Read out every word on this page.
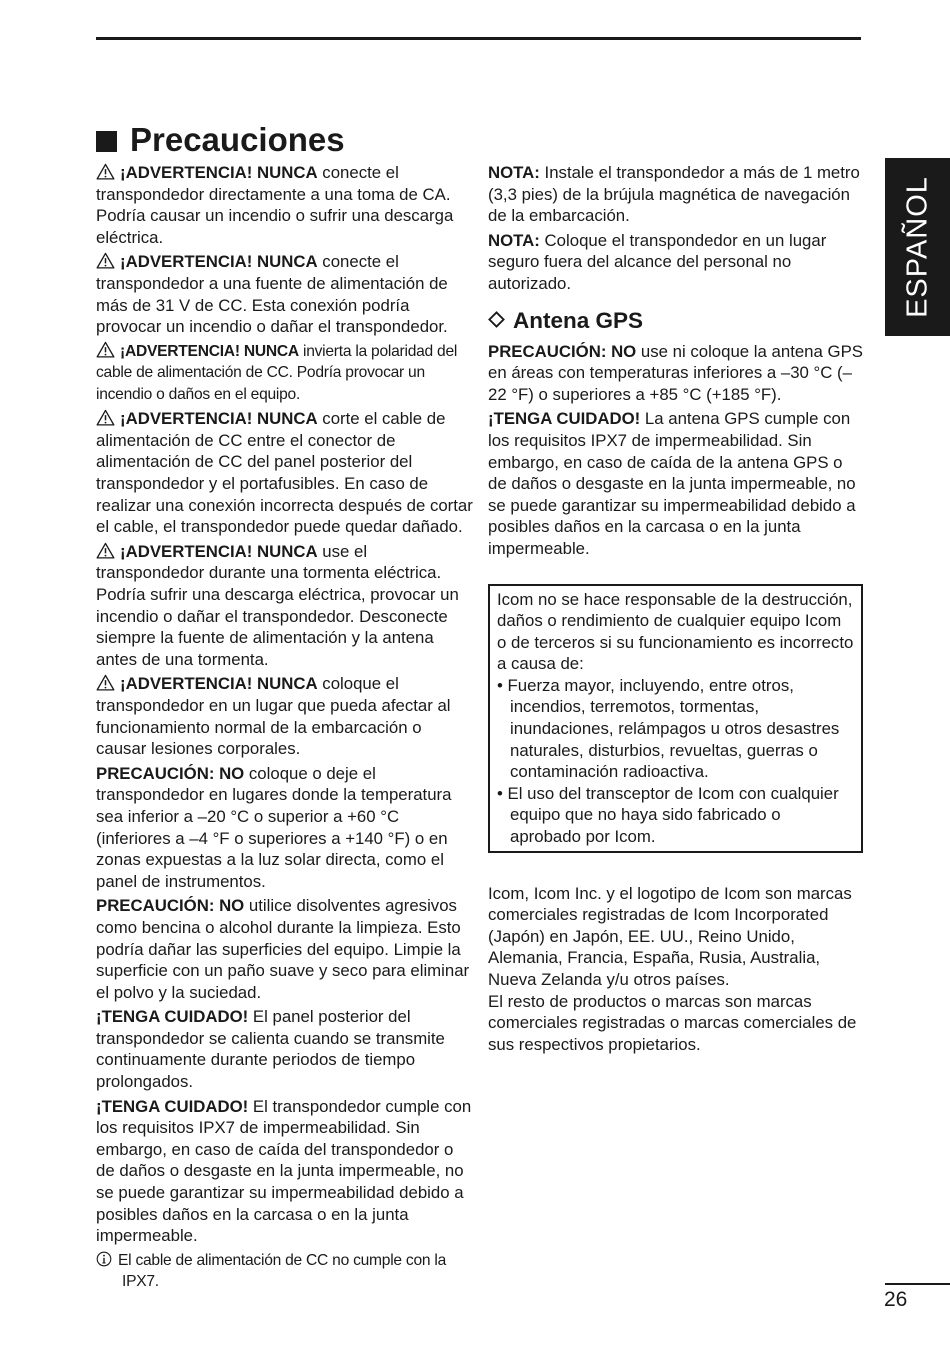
Precauciones

¡ADVERTENCIA! NUNCA conecte el transpondedor directamente a una toma de CA. Podría causar un incendio o sufrir una descarga eléctrica.

¡ADVERTENCIA! NUNCA conecte el transpondedor a una fuente de alimentación de más de 31 V de CC. Esta conexión podría provocar un incendio o dañar el transpondedor.

¡ADVERTENCIA! NUNCA invierta la polaridad del cable de alimentación de CC. Podría provocar un incendio o daños en el equipo.

¡ADVERTENCIA! NUNCA corte el cable de alimentación de CC entre el conector de alimentación de CC del panel posterior del transpondedor y el portafusibles. En caso de realizar una conexión incorrecta después de cortar el cable, el transpondedor puede quedar dañado.

¡ADVERTENCIA! NUNCA use el transpondedor durante una tormenta eléctrica. Podría sufrir una descarga eléctrica, provocar un incendio o dañar el transpondedor. Desconecte siempre la fuente de alimentación y la antena antes de una tormenta.

¡ADVERTENCIA! NUNCA coloque el transpondedor en un lugar que pueda afectar al funcionamiento normal de la embarcación o causar lesiones corporales.

PRECAUCIÓN: NO coloque o deje el transpondedor en lugares donde la temperatura sea inferior a –20 °C o superior a +60 °C (inferiores a –4 °F o superiores a +140 °F) o en zonas expuestas a la luz solar directa, como el panel de instrumentos.

PRECAUCIÓN: NO utilice disolventes agresivos como bencina o alcohol durante la limpieza. Esto podría dañar las superficies del equipo. Limpie la superficie con un paño suave y seco para eliminar el polvo y la suciedad.

¡TENGA CUIDADO! El panel posterior del transpondedor se calienta cuando se transmite continuamente durante periodos de tiempo prolongados.

¡TENGA CUIDADO! El transpondedor cumple con los requisitos IPX7 de impermeabilidad. Sin embargo, en caso de caída del transpondedor o de daños o desgaste en la junta impermeable, no se puede garantizar su impermeabilidad debido a posibles daños en la carcasa o en la junta impermeable.

El cable de alimentación de CC no cumple con la IPX7.

NOTA: Instale el transpondedor a más de 1 metro (3,3 pies) de la brújula magnética de navegación de la embarcación.

NOTA: Coloque el transpondedor en un lugar seguro fuera del alcance del personal no autorizado.

Antena GPS

PRECAUCIÓN: NO use ni coloque la antena GPS en áreas con temperaturas inferiores a –30 °C (–22 °F) o superiores a +85 °C (+185 °F).

¡TENGA CUIDADO! La antena GPS cumple con los requisitos IPX7 de impermeabilidad. Sin embargo, en caso de caída de la antena GPS o de daños o desgaste en la junta impermeable, no se puede garantizar su impermeabilidad debido a posibles daños en la carcasa o en la junta impermeable.

Icom no se hace responsable de la destrucción, daños o rendimiento de cualquier equipo Icom o de terceros si su funcionamiento es incorrecto a causa de:
• Fuerza mayor, incluyendo, entre otros, incendios, terremotos, tormentas, inundaciones, relámpagos u otros desastres naturales, disturbios, revueltas, guerras o contaminación radioactiva.
• El uso del transceptor de Icom con cualquier equipo que no haya sido fabricado o aprobado por Icom.
Icom, Icom Inc. y el logotipo de Icom son marcas comerciales registradas de Icom Incorporated (Japón) en Japón, EE. UU., Reino Unido, Alemania, Francia, España, Rusia, Australia, Nueva Zelanda y/u otros países.
El resto de productos o marcas son marcas comerciales registradas o marcas comerciales de sus respectivos propietarios.
ESPAÑOL
26
